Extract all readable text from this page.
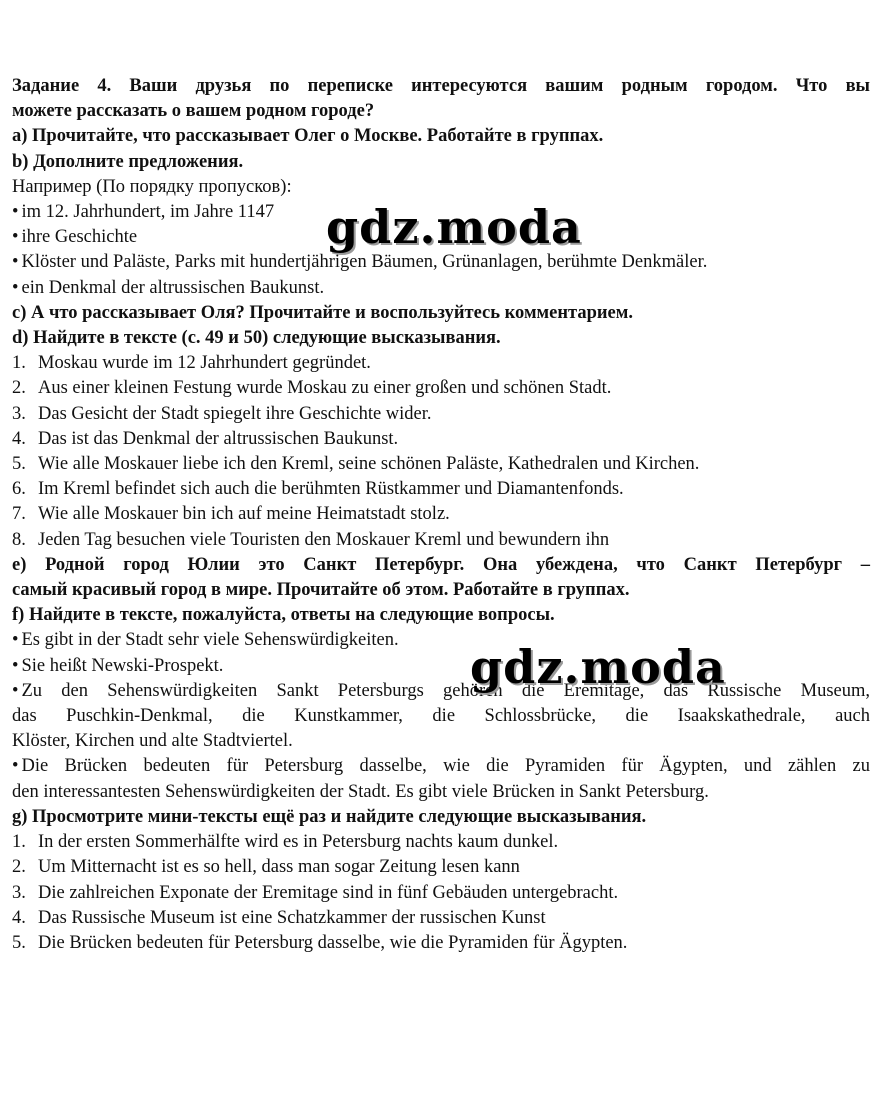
Задание 4. Ваши друзья по переписке интересуются вашим родным городом. Что вы
можете рассказать о вашем родном городе?
a) Прочитайте, что рассказывает Олег о Москве. Работайте в группах.
b) Дополните предложения.
Например (По порядку пропусков):
• im 12. Jahrhundert, im Jahre 1147
• ihre Geschichte
• Klöster und Paläste, Parks mit hundertjährigen Bäumen, Grünanlagen, berühmte Denkmäler.
• ein Denkmal der altrussischen Baukunst.
c) А что рассказывает Оля? Прочитайте и воспользуйтесь комментарием.
d) Найдите в тексте (с. 49 и 50) следующие высказывания.
1. Moskau wurde im 12 Jahrhundert gegründet.
2. Aus einer kleinen Festung wurde Moskau zu einer großen und schönen Stadt.
3. Das Gesicht der Stadt spiegelt ihre Geschichte wider.
4. Das ist das Denkmal der altrussischen Baukunst.
5. Wie alle Moskauer liebe ich den Kreml, seine schönen Paläste, Kathedralen und Kirchen.
6. Im Kreml befindet sich auch die berühmten Rüstkammer und Diamantenfonds.
7. Wie alle Moskauer bin ich auf meine Heimatstadt stolz.
8. Jeden Tag besuchen viele Touristen den Moskauer Kreml und bewundern ihn
e) Родной город Юлии это Санкт Петербург. Она убеждена, что Санкт Петербург –
самый красивый город в мире. Прочитайте об этом. Работайте в группах.
f) Найдите в тексте, пожалуйста, ответы на следующие вопросы.
• Es gibt in der Stadt sehr viele Sehenswürdigkeiten.
• Sie heißt Newski-Prospekt.
• Zu den Sehenswürdigkeiten Sankt Petersburgs gehören die Eremitage, das Russische Museum,
das Puschkin-Denkmal, die Kunstkammer, die Schlossbrücke, die Isaakskathedrale, auch
Klöster, Kirchen und alte Stadtviertel.
• Die Brücken bedeuten für Petersburg dasselbe, wie die Pyramiden für Ägypten, und zählen zu
den interessantesten Sehenswürdigkeiten der Stadt. Es gibt viele Brücken in Sankt Petersburg.
g) Просмотрите мини-тексты ещё раз и найдите следующие высказывания.
1. In der ersten Sommerhälfte wird es in Petersburg nachts kaum dunkel.
2. Um Mitternacht ist es so hell, dass man sogar Zeitung lesen kann
3. Die zahlreichen Exponate der Eremitage sind in fünf Gebäuden untergebracht.
4. Das Russische Museum ist eine Schatzkammer der russischen Kunst
5. Die Brücken bedeuten für Petersburg dasselbe, wie die Pyramiden für Ägypten.
gdz.moda
gdz.moda
